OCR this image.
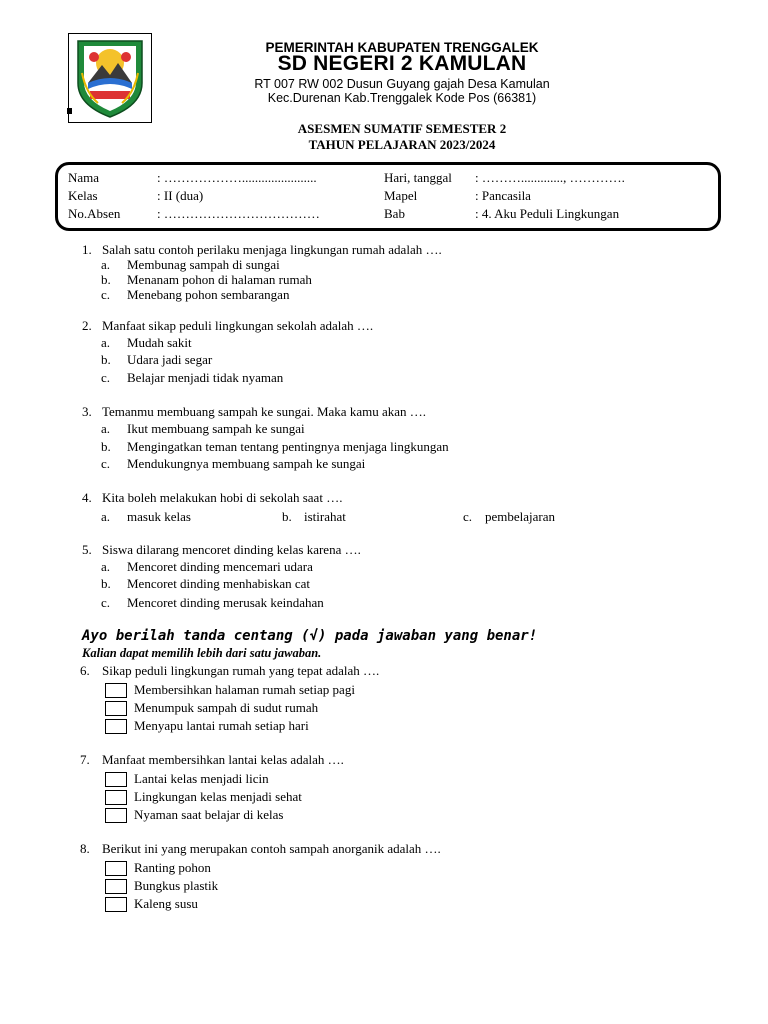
PEMERINTAH KABUPATEN TRENGGALEK
SD NEGERI 2 KAMULAN
RT 007 RW 002 Dusun Guyang gajah Desa Kamulan
Kec.Durenan Kab.Trenggalek Kode Pos (66381)
ASESMEN SUMATIF SEMESTER 2
TAHUN PELAJARAN 2023/2024
Nama	: ……………….......................
Kelas	: II (dua)
No.Absen	: ………………………………
Hari, tanggal : ………............., ………….
Mapel	: Pancasila
Bab	: 4. Aku Peduli Lingkungan
1. Salah satu contoh perilaku menjaga lingkungan rumah adalah ….
a. Membunag sampah di sungai
b. Menanam pohon di halaman rumah
c. Menebang pohon sembarangan
2. Manfaat sikap peduli lingkungan sekolah adalah ….
a. Mudah sakit
b. Udara jadi segar
c. Belajar menjadi tidak nyaman
3. Temanmu membuang sampah ke sungai. Maka kamu akan ….
a. Ikut membuang sampah ke sungai
b. Mengingatkan teman tentang pentingnya menjaga lingkungan
c. Mendukungnya membuang sampah ke sungai
4. Kita boleh melakukan hobi di sekolah saat ….
a. masuk kelas	b. istirahat	c. pembelajaran
5. Siswa dilarang mencoret dinding kelas karena ….
a. Mencoret dinding mencemari udara
b. Mencoret dinding menhabiskan cat
c. Mencoret dinding merusak keindahan
Ayo berilah tanda centang (√) pada jawaban yang benar!
Kalian dapat memilih lebih dari satu jawaban.
6. Sikap peduli lingkungan rumah yang tepat adalah ….
Membersihkan halaman rumah setiap pagi
Menumpuk sampah di sudut rumah
Menyapu lantai rumah setiap hari
7. Manfaat membersihkan lantai kelas adalah ….
Lantai kelas menjadi licin
Lingkungan kelas menjadi sehat
Nyaman saat belajar di kelas
8. Berikut ini yang merupakan contoh sampah anorganik adalah ….
Ranting pohon
Bungkus plastik
Kaleng susu
